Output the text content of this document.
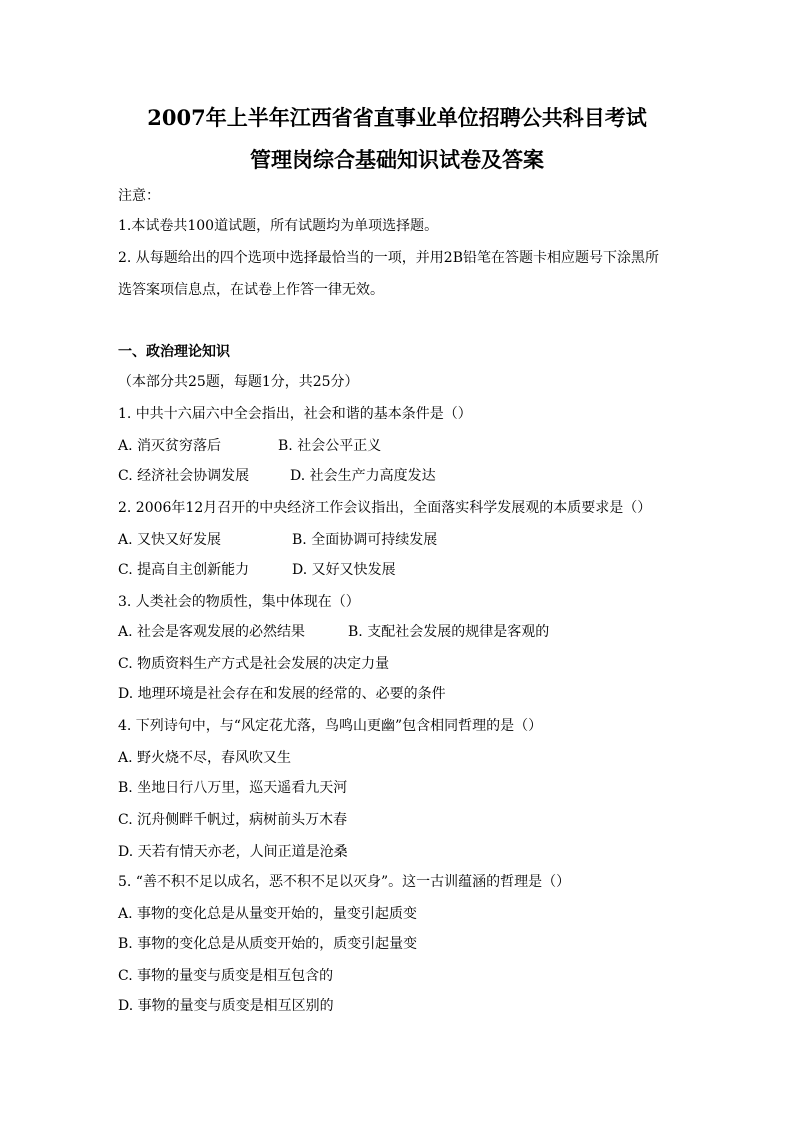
2007年上半年江西省省直事业单位招聘公共科目考试
管理岗综合基础知识试卷及答案
注意：
1.本试卷共100道试题，所有试题均为单项选择题。
2. 从每题给出的四个选项中选择最恰当的一项，并用2B铅笔在答题卡相应题号下涂黑所
选答案项信息点，在试卷上作答一律无效。
一、政治理论知识
（本部分共25题，每题1分，共25分）
1. 中共十六届六中全会指出，社会和谐的基本条件是（）
A. 消灭贫穷落后	B. 社会公平正义
C. 经济社会协调发展	D. 社会生产力高度发达
2. 2006年12月召开的中央经济工作会议指出，全面落实科学发展观的本质要求是（）
A. 又快又好发展	B. 全面协调可持续发展
C. 提高自主创新能力	D. 又好又快发展
3. 人类社会的物质性，集中体现在（）
A. 社会是客观发展的必然结果	B. 支配社会发展的规律是客观的
C. 物质资料生产方式是社会发展的决定力量
D. 地理环境是社会存在和发展的经常的、必要的条件
4. 下列诗句中，与“风定花尤落，鸟鸣山更幽”包含相同哲理的是（）
A. 野火烧不尽，春风吹又生
B. 坐地日行八万里，巡天遥看九天河
C. 沉舟侧畔千帆过，病树前头万木春
D. 天若有情天亦老，人间正道是沧桑
5. “善不积不足以成名，恶不积不足以灭身”。这一古训蕴涵的哲理是（）
A. 事物的变化总是从量变开始的，量变引起质变
B. 事物的变化总是从质变开始的，质变引起量变
C. 事物的量变与质变是相互包含的
D. 事物的量变与质变是相互区别的
